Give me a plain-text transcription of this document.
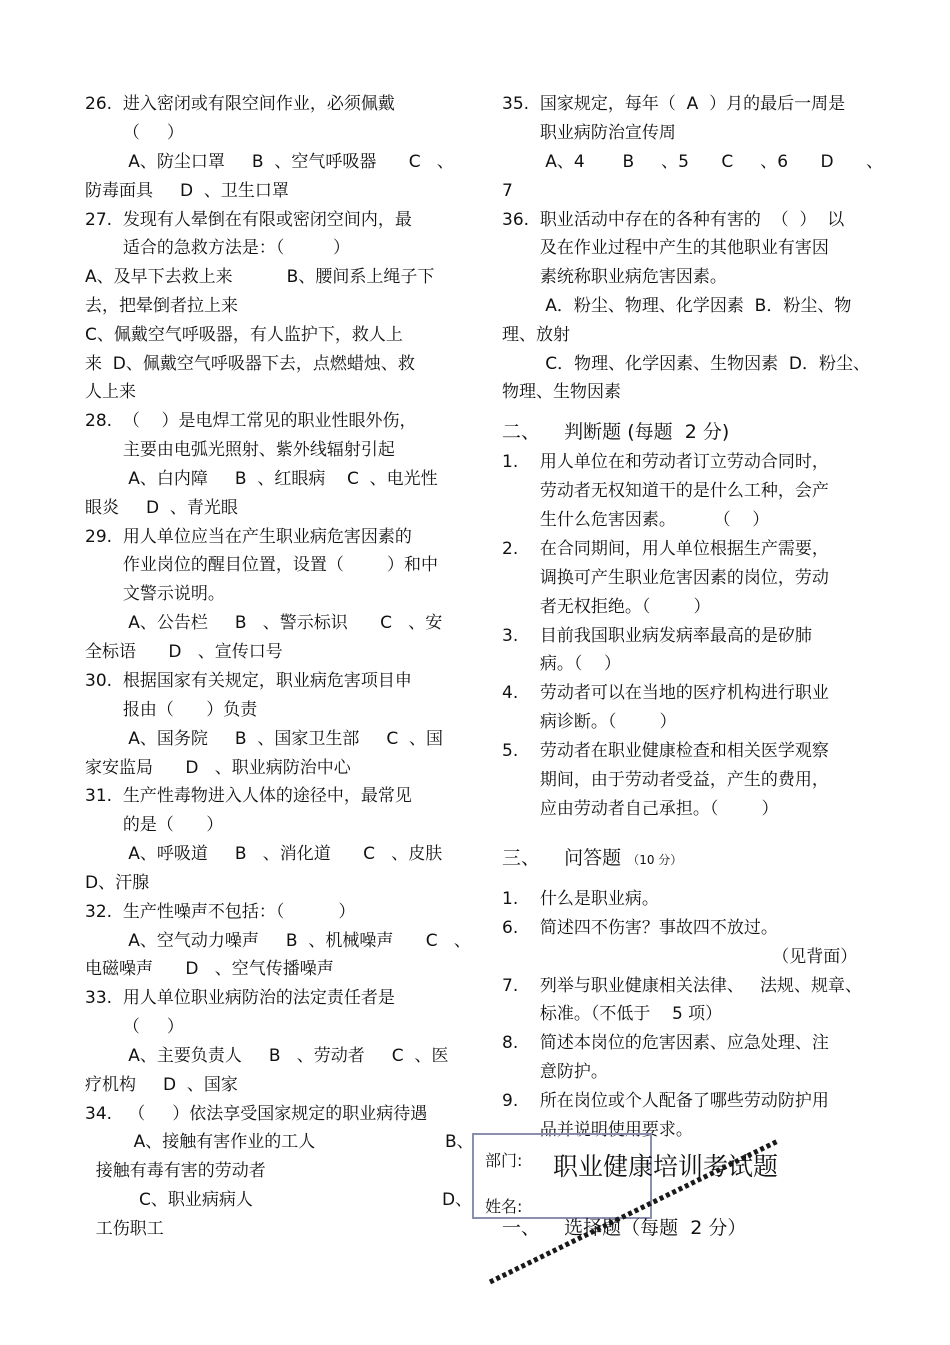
26.  进入密闭或有限空间作业，必须佩戴
（     ）
A、防尘口罩     B  、空气呼吸器      C   、
防毒面具     D  、卫生口罩
27.  发现有人晕倒在有限或密闭空间内，最
适合的急救方法是：（         ）
A、及早下去救上来          B、腰间系上绳子下
去，把晕倒者拉上来
C、佩戴空气呼吸器，有人监护下，救人上
来  D、佩戴空气呼吸器下去，点燃蜡烛、救
人上来
28.  （    ）是电焊工常见的职业性眼外伤，
主要由电弧光照射、紫外线辐射引起
A、白内障     B  、红眼病    C  、电光性
眼炎     D  、青光眼
29.  用人单位应当在产生职业病危害因素的
作业岗位的醒目位置，设置（        ）和中
文警示说明。
A、公告栏     B   、警示标识      C   、安
全标语      D   、宣传口号
30.  根据国家有关规定，职业病危害项目申
报由（      ）负责
A、国务院     B  、国家卫生部     C  、国
家安监局      D   、职业病防治中心
31.  生产性毒物进入人体的途径中，最常见
的是（      ）
A、呼吸道     B   、消化道      C   、皮肤
D、汗腺
32.  生产性噪声不包括：（          ）
A、空气动力噪声     B  、机械噪声      C   、
电磁噪声      D   、空气传播噪声
33.  用人单位职业病防治的法定责任者是
（     ）
A、主要负责人     B   、劳动者     C  、医
疗机构     D  、国家
34.   （     ）依法享受国家规定的职业病待遇
A、接触有害作业的工人                        B、
接触有毒有害的劳动者
C、职业病病人                                   D、
工伤职工
35.  国家规定，每年（  A  ）月的最后一周是
职业病防治宣传周
A、4       B     、5      C     、6      D      、
7
36.  职业活动中存在的各种有害的  （  ）  以
及在作业过程中产生的其他职业有害因
素统称职业病危害因素。
A．粉尘、物理、化学因素  B．粉尘、物
理、放射
C．物理、化学因素、生物因素  D．粉尘、
物理、生物因素
二、    判断题 (每题  2 分)
1.    用人单位在和劳动者订立劳动合同时，
劳动者无权知道干的是什么工种，会产
生什么危害因素。       （    ）
2.    在合同期间，用人单位根据生产需要，
调换可产生职业危害因素的岗位，劳动
者无权拒绝。（        ）
3.    目前我国职业病发病率最高的是矽肺
病。（    ）
4.    劳动者可以在当地的医疗机构进行职业
病诊断。（        ）
5.    劳动者在职业健康检查和相关医学观察
期间，由于劳动者受益，产生的费用，
应由劳动者自己承担。（        ）
三、    问答题 （10 分）
1.    什么是职业病。
6.    简述四不伤害？事故四不放过。
（见背面）
7.    列举与职业健康相关法律、   法规、规章、
标准。（不低于    5 项）
8.    简述本岗位的危害因素、应急处理、注
意防护。
9.    所在岗位或个人配备了哪些劳动防护用
品并说明使用要求。
部门:
姓名:
职业健康培训考试题
一、    选择题（每题  2 分）
